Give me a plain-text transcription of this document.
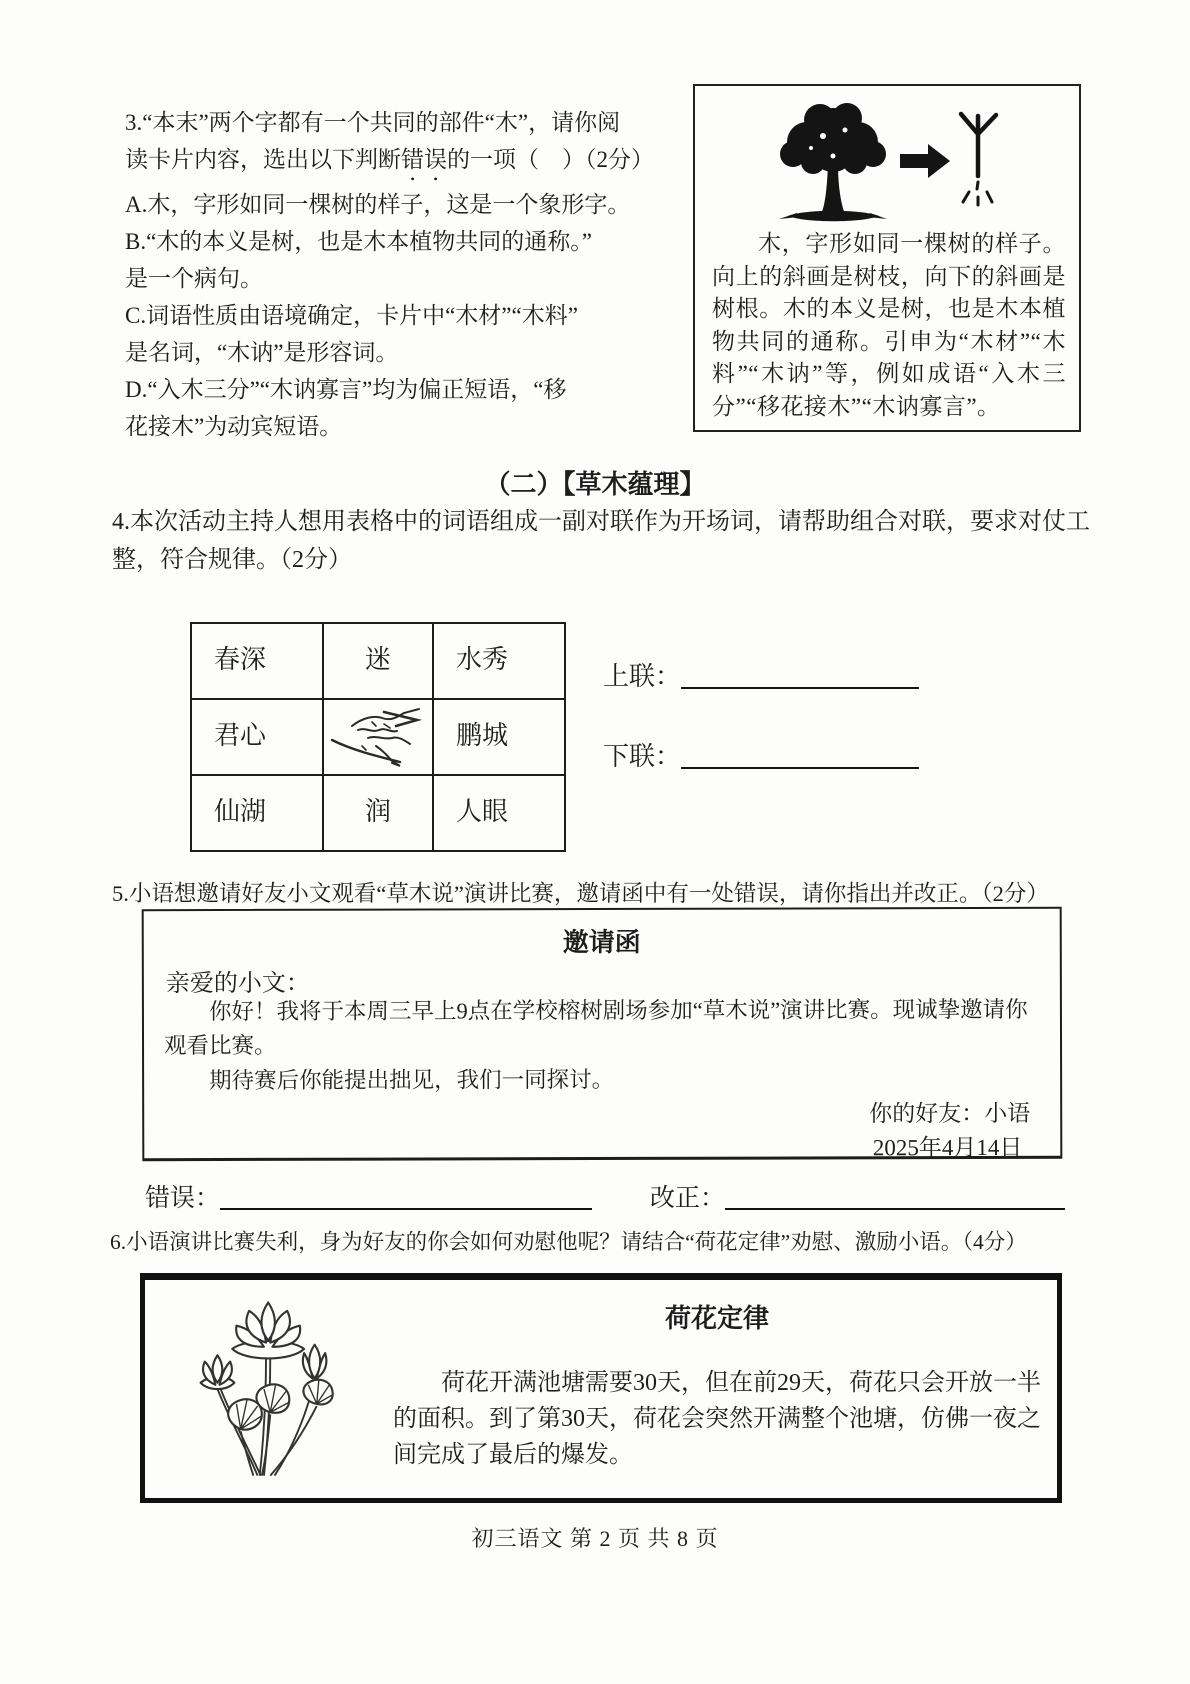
3.“本末”两个字都有一个共同的部件“木”，请你阅
读卡片内容，选出以下判断错误的一项（　）（2分）
A.木，字形如同一棵树的样子，这是一个象形字。
B.“木的本义是树，也是木本植物共同的通称。”
是一个病句。
C.词语性质由语境确定，卡片中“木材”“木料”
是名词，“木讷”是形容词。
D.“入木三分”“木讷寡言”均为偏正短语，“移
花接木”为动宾短语。

木，字形如同一棵树的样子。向上的斜画是树枝，向下的斜画是树根。木的本义是树，也是木本植物共同的通称。引申为“木材”“木料”“木讷”等，例如成语“入木三分”“移花接木”“木讷寡言”。

（二）【草木蕴理】
4.本次活动主持人想用表格中的词语组成一副对联作为开场词，请帮助组合对联，要求对仗工
整，符合规律。（2分）
春深	迷	水秀
君心		鹏城
仙湖	润	人眼
上联：
下联：
5.小语想邀请好友小文观看“草木说”演讲比赛，邀请函中有一处错误，请你指出并改正。（2分）
邀请函
亲爱的小文：

你好！我将于本周三早上9点在学校榕树剧场参加“草木说”演讲比赛。现诚挚邀请你观看比赛。

期待赛后你能提出拙见，我们一同探讨。

你的好友：小语
2025年4月14日
错误：	改正：
6.小语演讲比赛失利，身为好友的你会如何劝慰他呢？请结合“荷花定律”劝慰、激励小语。（4分）
荷花定律

荷花开满池塘需要30天，但在前29天，荷花只会开放一半的面积。到了第30天，荷花会突然开满整个池塘，仿佛一夜之间完成了最后的爆发。

初三语文 第 2 页 共 8 页
